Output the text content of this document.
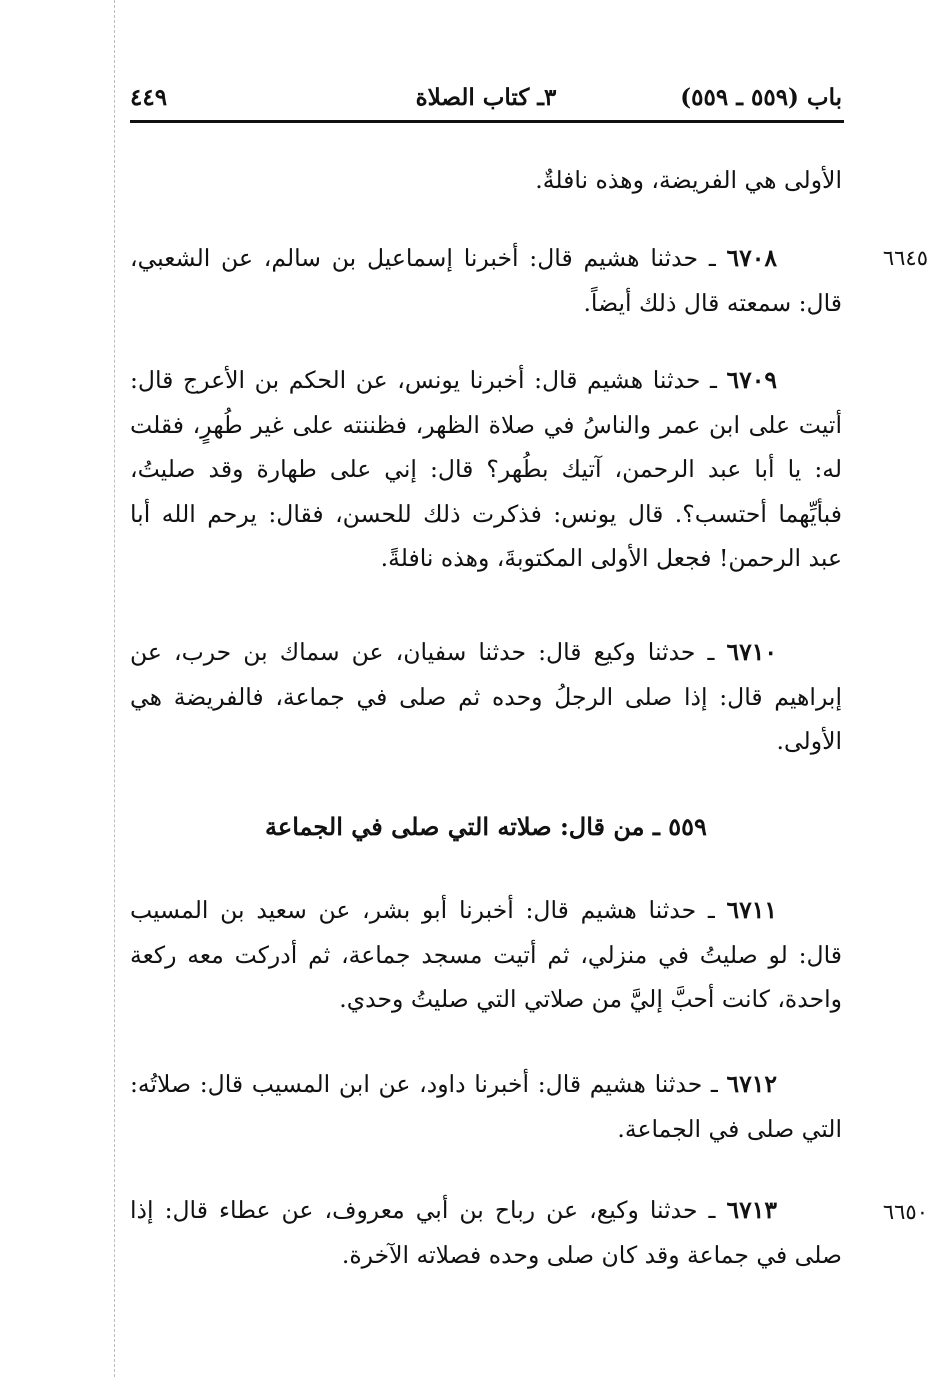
باب (٥٥٩ ـ ٥٥٩)
٣ـ كتاب الصلاة
٤٤٩
الأولى هي الفريضة، وهذه نافلةٌ.
٦٦٤٥
٦٧٠٨ ـ حدثنا هشيم قال: أخبرنا إسماعيل بن سالم، عن الشعبي، قال: سمعته قال ذلك أيضاً.
٦٧٠٩ ـ حدثنا هشيم قال: أخبرنا يونس، عن الحكم بن الأعرج قال: أتيت على ابن عمر والناسُ في صلاة الظهر، فظننته على غير طُهرٍ، فقلت له: يا أبا عبد الرحمن، آتيك بطُهر؟ قال: إني على طهارة وقد صليتُ، فبأيِّهما أحتسب؟. قال يونس: فذكرت ذلك للحسن، فقال: يرحم الله أبا عبد الرحمن! فجعل الأولى المكتوبةَ، وهذه نافلةً.
٦٧١٠ ـ حدثنا وكيع قال: حدثنا سفيان، عن سماك بن حرب، عن إبراهيم قال: إذا صلى الرجلُ وحده ثم صلى في جماعة، فالفريضة هي الأولى.
٥٥٩ ـ من قال: صلاته التي صلى في الجماعة
٦٧١١ ـ حدثنا هشيم قال: أخبرنا أبو بشر، عن سعيد بن المسيب قال: لو صليتُ في منزلي، ثم أتيت مسجد جماعة، ثم أدركت معه ركعة واحدة، كانت أحبَّ إليَّ من صلاتي التي صليتُ وحدي.
٦٧١٢ ـ حدثنا هشيم قال: أخبرنا داود، عن ابن المسيب قال: صلاتُه: التي صلى في الجماعة.
٦٦٥٠
٦٧١٣ ـ حدثنا وكيع، عن رباح بن أبي معروف، عن عطاء قال: إذا صلى في جماعة وقد كان صلى وحده فصلاته الآخرة.
